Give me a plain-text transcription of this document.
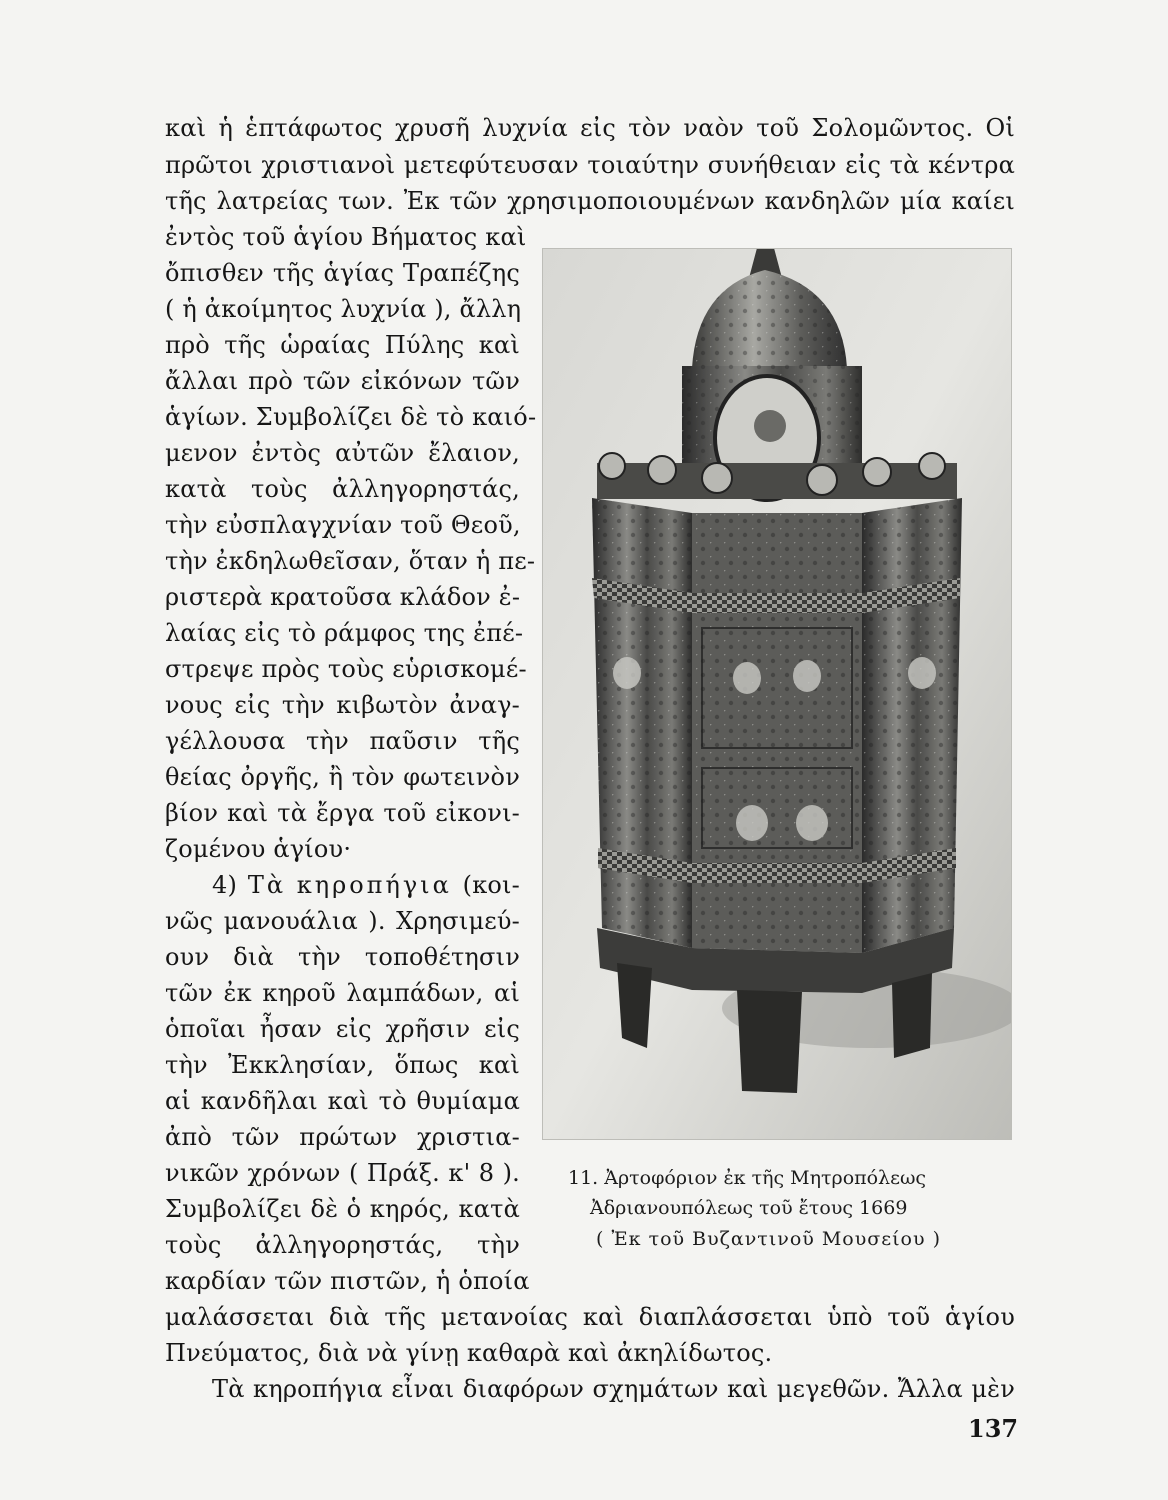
καὶ ἡ ἑπτάφωτος χρυσῆ λυχνία εἰς τὸν ναὸν τοῦ Σολομῶντος. Οἱ
πρῶτοι χριστιανοὶ μετεφύτευσαν τοιαύτην συνήθειαν εἰς τὰ κέντρα
τῆς λατρείας των. Ἐκ τῶν χρησιμοποιουμένων κανδηλῶν μία καίει
ἐντὸς τοῦ ἁγίου Βήματος καὶ
ὄπισθεν τῆς ἁγίας Τραπέζης
( ἡ ἀκοίμητος λυχνία ), ἄλλη
πρὸ τῆς ὡραίας Πύλης καὶ
ἄλλαι πρὸ τῶν εἰκόνων τῶν
ἁγίων. Συμβολίζει δὲ τὸ καιό-
μενον ἐντὸς αὐτῶν ἔλαιον,
κατὰ τοὺς ἀλληγορηστάς,
τὴν εὐσπλαγχνίαν τοῦ Θεοῦ,
τὴν ἐκδηλωθεῖσαν, ὅταν ἡ πε-
ριστερὰ κρατοῦσα κλάδον ἐ-
λαίας εἰς τὸ ράμφος της ἐπέ-
στρεψε πρὸς τοὺς εὑρισκομέ-
νους εἰς τὴν κιβωτὸν ἀναγ-
γέλλουσα τὴν παῦσιν τῆς
θείας ὀργῆς, ἢ τὸν φωτεινὸν
βίον καὶ τὰ ἔργα τοῦ εἰκονι-
ζομένου ἁγίου·
4) Τὰ κηροπήγια (κοι-
νῶς μανουάλια ). Χρησιμεύ-
ουν διὰ τὴν τοποθέτησιν
τῶν ἐκ κηροῦ λαμπάδων, αἱ
ὁποῖαι ἦσαν εἰς χρῆσιν εἰς
τὴν Ἐκκλησίαν, ὅπως καὶ
αἱ κανδῆλαι καὶ τὸ θυμίαμα
ἀπὸ τῶν πρώτων χριστια-
νικῶν χρόνων ( Πράξ. κ' 8 ).
Συμβολίζει δὲ ὁ κηρός, κατὰ
τοὺς ἀλληγορηστάς, τὴν
καρδίαν τῶν πιστῶν, ἡ ὁποία
μαλάσσεται διὰ τῆς μετανοίας καὶ διαπλάσσεται ὑπὸ τοῦ ἁγίου
Πνεύματος, διὰ νὰ γίνῃ καθαρὰ καὶ ἀκηλίδωτος.
Τὰ κηροπήγια εἶναι διαφόρων σχημάτων καὶ μεγεθῶν. Ἄλλα μὲν
11. Ἀρτοφόριον ἐκ τῆς Μητροπόλεως
Ἀδριανουπόλεως τοῦ ἔτους 1669
( Ἐκ τοῦ Βυζαντινοῦ Μουσείου )
137
